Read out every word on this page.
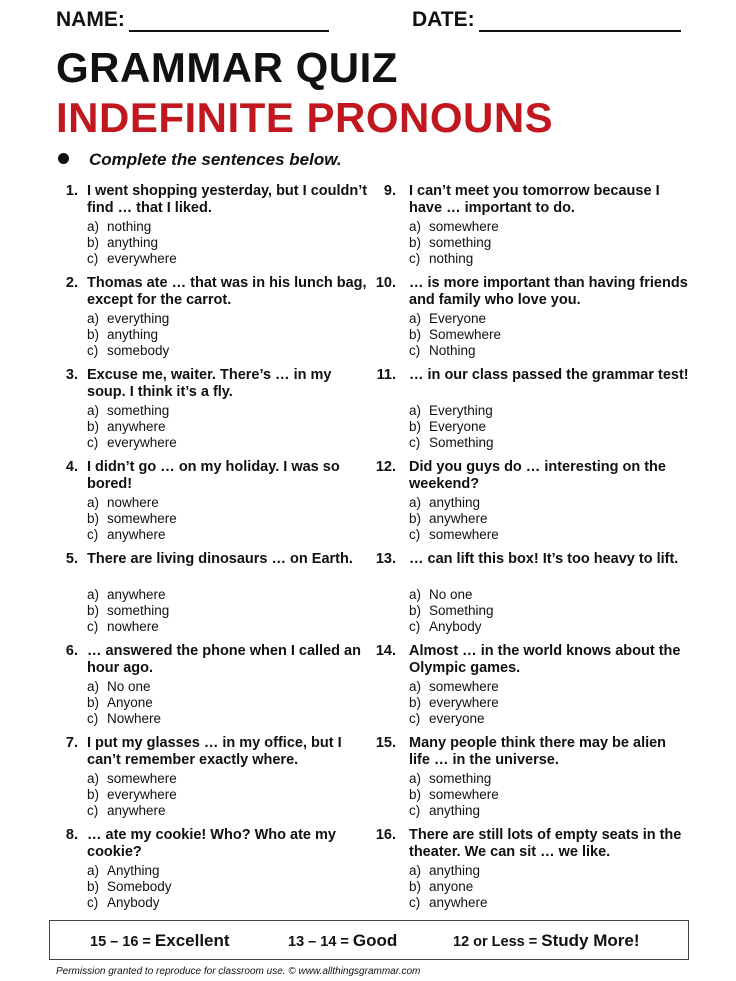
NAME:	DATE:
GRAMMAR QUIZ
INDEFINITE PRONOUNS
Complete the sentences below.
1. I went shopping yesterday, but I couldn’t find … that I liked.
a) nothing
b) anything
c) everywhere
2. Thomas ate … that was in his lunch bag, except for the carrot.
a) everything
b) anything
c) somebody
3. Excuse me, waiter. There’s … in my soup. I think it’s a fly.
a) something
b) anywhere
c) everywhere
4. I didn’t go … on my holiday. I was so bored!
a) nowhere
b) somewhere
c) anywhere
5. There are living dinosaurs … on Earth.
a) anywhere
b) something
c) nowhere
6. … answered the phone when I called an hour ago.
a) No one
b) Anyone
c) Nowhere
7. I put my glasses … in my office, but I can’t remember exactly where.
a) somewhere
b) everywhere
c) anywhere
8. … ate my cookie! Who? Who ate my cookie?
a) Anything
b) Somebody
c) Anybody
9. I can’t meet you tomorrow because I have … important to do.
a) somewhere
b) something
c) nothing
10. … is more important than having friends and family who love you.
a) Everyone
b) Somewhere
c) Nothing
11. … in our class passed the grammar test!
a) Everything
b) Everyone
c) Something
12. Did you guys do … interesting on the weekend?
a) anything
b) anywhere
c) somewhere
13. … can lift this box! It’s too heavy to lift.
a) No one
b) Something
c) Anybody
14. Almost … in the world knows about the Olympic games.
a) somewhere
b) everywhere
c) everyone
15. Many people think there may be alien life … in the universe.
a) something
b) somewhere
c) anything
16. There are still lots of empty seats in the theater. We can sit … we like.
a) anything
b) anyone
c) anywhere
15 – 16 = Excellent	13 – 14 = Good	12 or Less = Study More!
Permission granted to reproduce for classroom use. © www.allthingsgrammar.com
